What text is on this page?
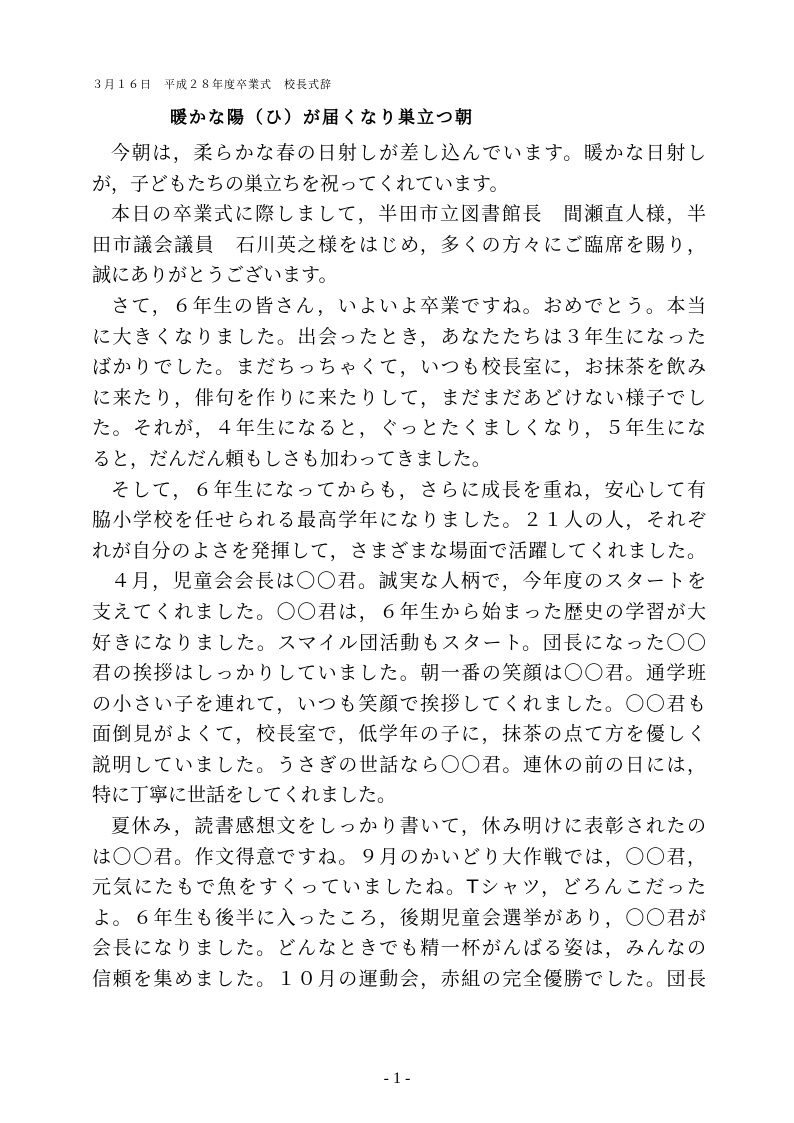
３月１６日　平成２８年度卒業式　校長式辞
暖かな陽（ひ）が届くなり巣立つ朝
今朝は，柔らかな春の日射しが差し込んでいます。暖かな日射し
が，子どもたちの巣立ちを祝ってくれています。
本日の卒業式に際しまして，半田市立図書館長　間瀬直人様，半
田市議会議員　石川英之様をはじめ，多くの方々にご臨席を賜り，
誠にありがとうございます。
さて，６年生の皆さん，いよいよ卒業ですね。おめでとう。本当
に大きくなりました。出会ったとき，あなたたちは３年生になった
ばかりでした。まだちっちゃくて，いつも校長室に，お抹茶を飲み
に来たり，俳句を作りに来たりして，まだまだあどけない様子でし
た。それが，４年生になると，ぐっとたくましくなり，５年生にな
ると，だんだん頼もしさも加わってきました。
そして，６年生になってからも，さらに成長を重ね，安心して有
脇小学校を任せられる最高学年になりました。２１人の人，それぞ
れが自分のよさを発揮して，さまざまな場面で活躍してくれました。
４月，児童会会長は〇〇君。誠実な人柄で，今年度のスタートを
支えてくれました。〇〇君は，６年生から始まった歴史の学習が大
好きになりました。スマイル団活動もスタート。団長になった〇〇
君の挨拶はしっかりしていました。朝一番の笑顔は〇〇君。通学班
の小さい子を連れて，いつも笑顔で挨拶してくれました。〇〇君も
面倒見がよくて，校長室で，低学年の子に，抹茶の点て方を優しく
説明していました。うさぎの世話なら〇〇君。連休の前の日には，
特に丁寧に世話をしてくれました。
夏休み，読書感想文をしっかり書いて，休み明けに表彰されたの
は〇〇君。作文得意ですね。９月のかいどり大作戦では，〇〇君，
元気にたもで魚をすくっていましたね。Tシャツ，どろんこだった
よ。６年生も後半に入ったころ，後期児童会選挙があり，〇〇君が
会長になりました。どんなときでも精一杯がんばる姿は，みんなの
信頼を集めました。１０月の運動会，赤組の完全優勝でした。団長
- 1 -
